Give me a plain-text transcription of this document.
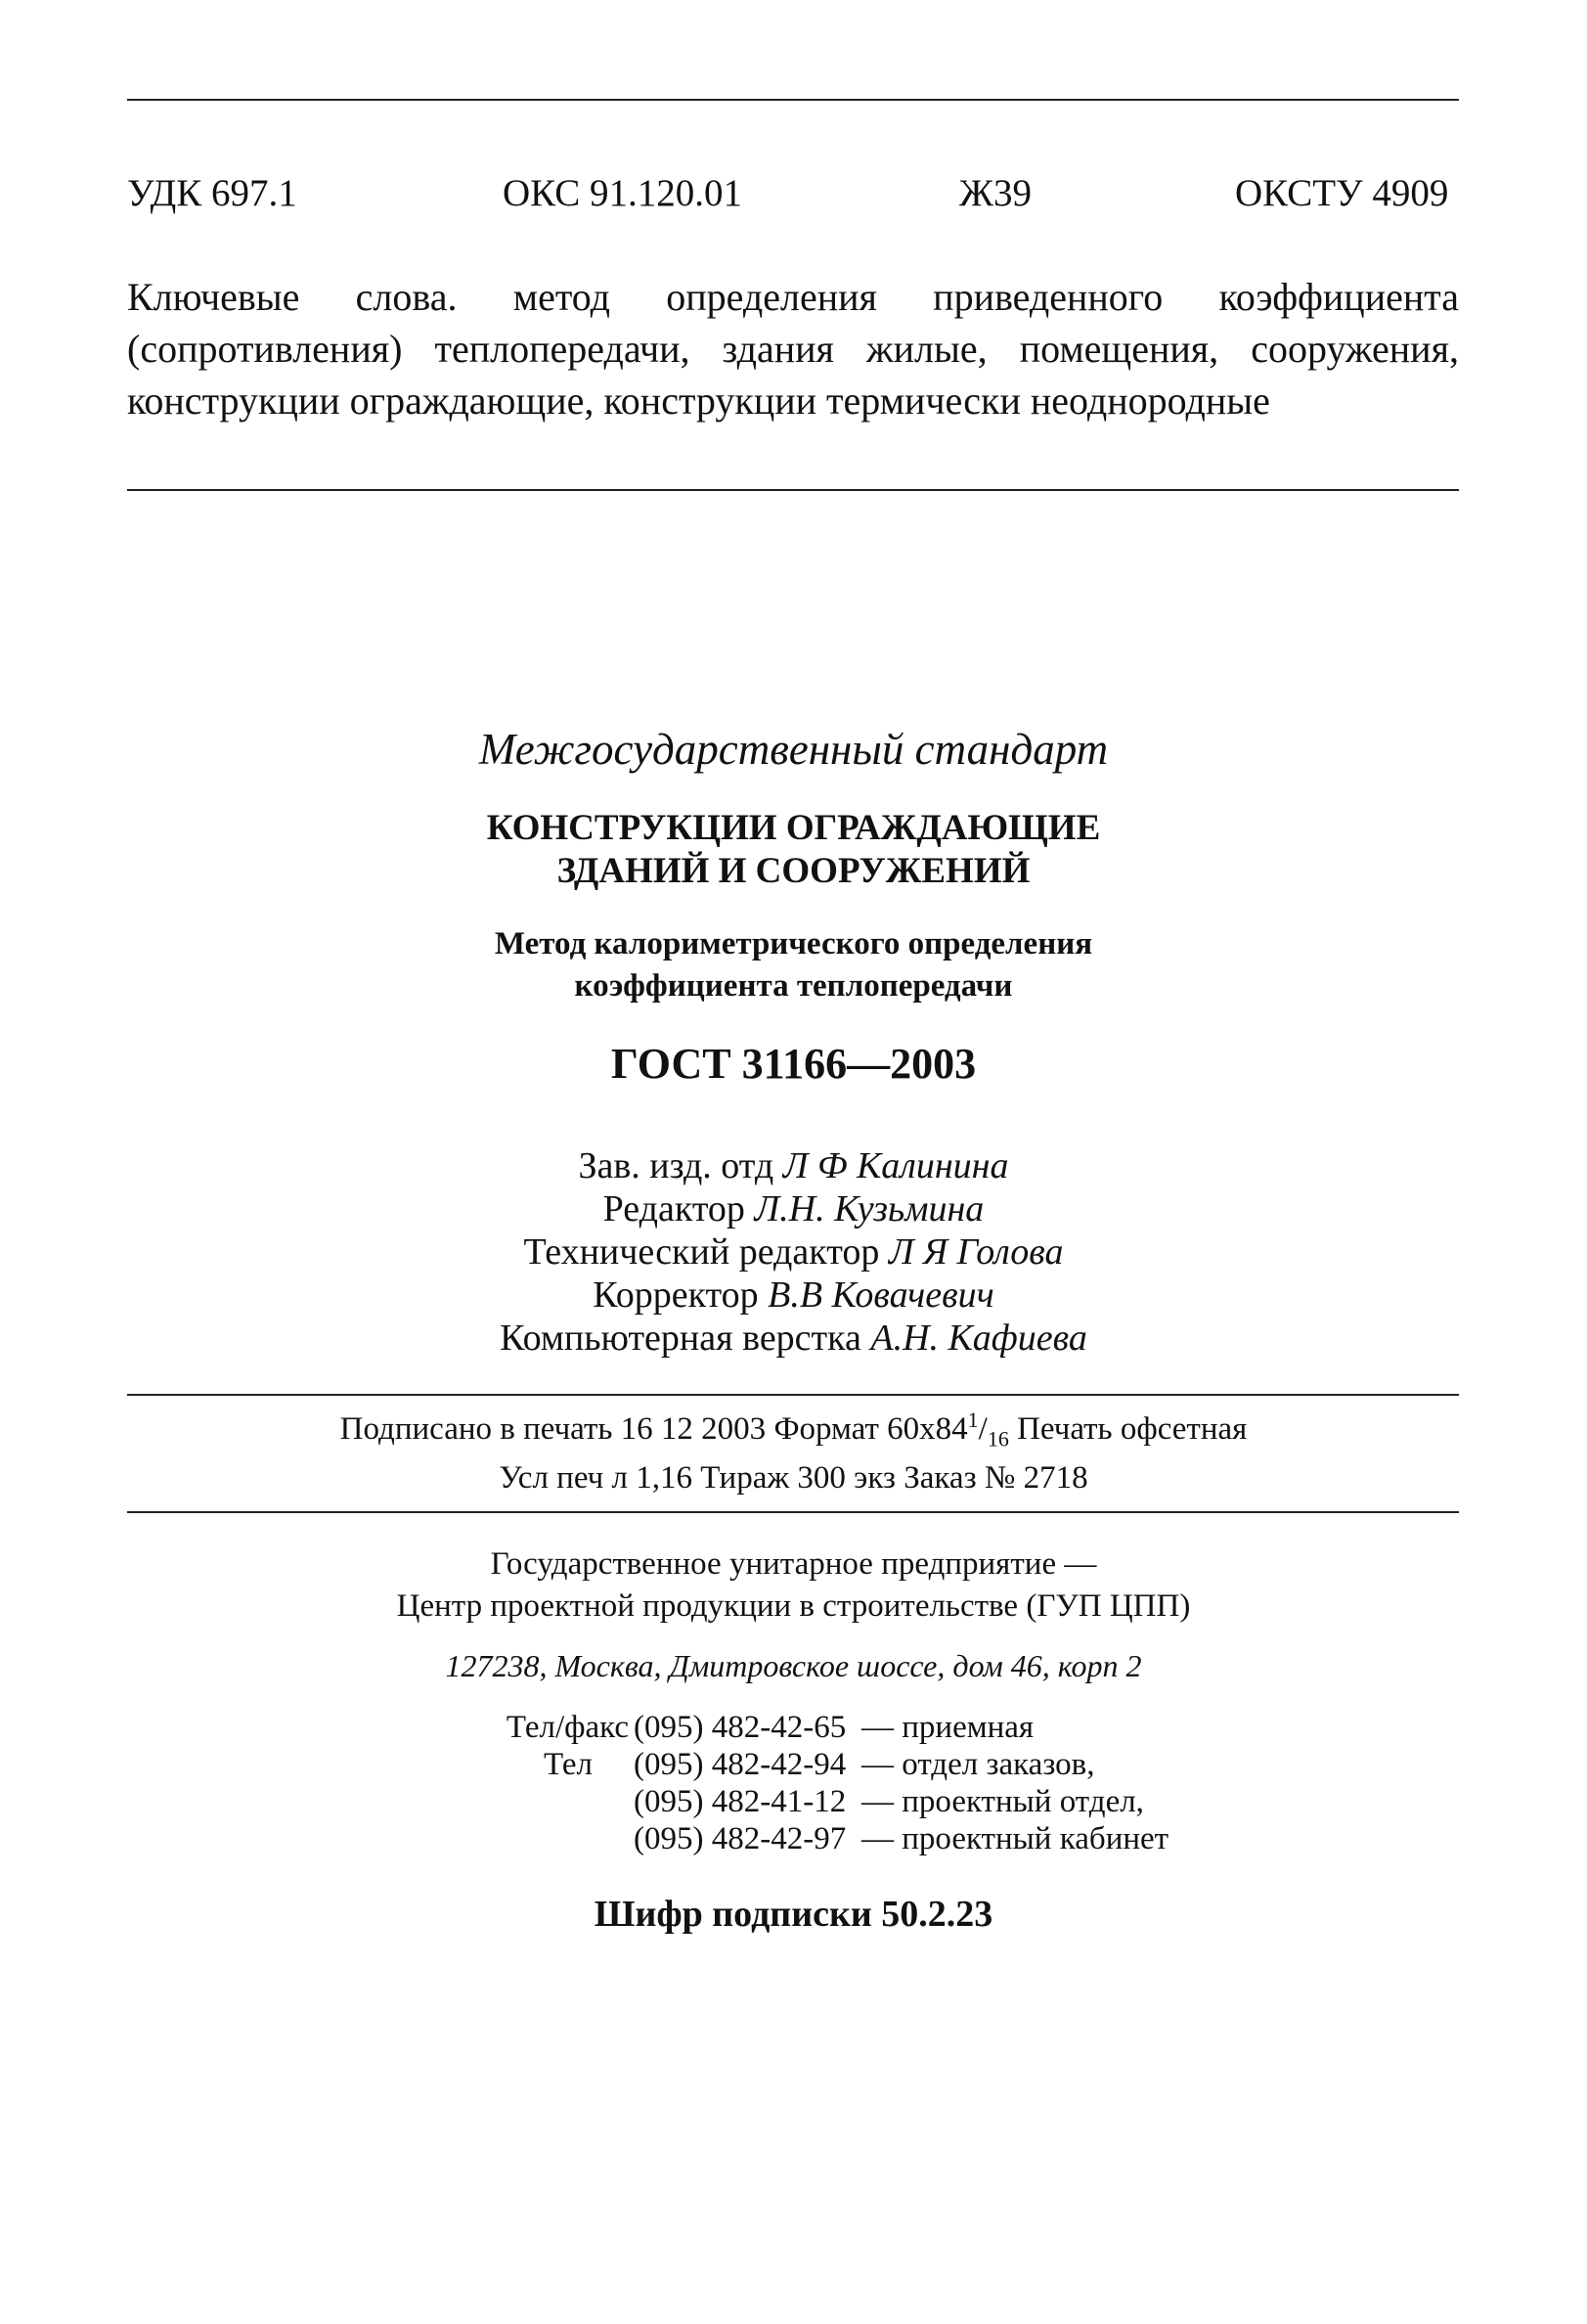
УДК 697.1	ОКС 91.120.01	Ж39	ОКСТУ 4909
Ключевые слова. метод определения приведенного коэффициента (сопротивления) теплопередачи, здания жилые, помещения, сооружения, конструкции ограждающие, конструкции термически неоднородные
Межгосударственный стандарт
КОНСТРУКЦИИ ОГРАЖДАЮЩИЕ
ЗДАНИЙ И СООРУЖЕНИЙ
Метод калориметрического определения
коэффициента теплопередачи
ГОСТ 31166—2003
Зав. изд. отд Л Ф Калинина
Редактор Л.Н. Кузьмина
Технический редактор Л Я Голова
Корректор В.В Ковачевич
Компьютерная верстка А.Н. Кафиева
Подписано в печать 16 12 2003 Формат $60x84^1/_{16}$ Печать офсетная
Усл печ л 1,16 Тираж 300 экз Заказ № 2718
Государственное унитарное предприятие —
Центр проектной продукции в строительстве (ГУП ЦПП)
127238, Москва, Дмитровское шоссе, дом 46, корп 2
Тел/факс (095) 482-42-65 — приемная
Тел (095) 482-42-94 — отдел заказов,
(095) 482-41-12 — проектный отдел,
(095) 482-42-97 — проектный кабинет
Шифр подписки 50.2.23
